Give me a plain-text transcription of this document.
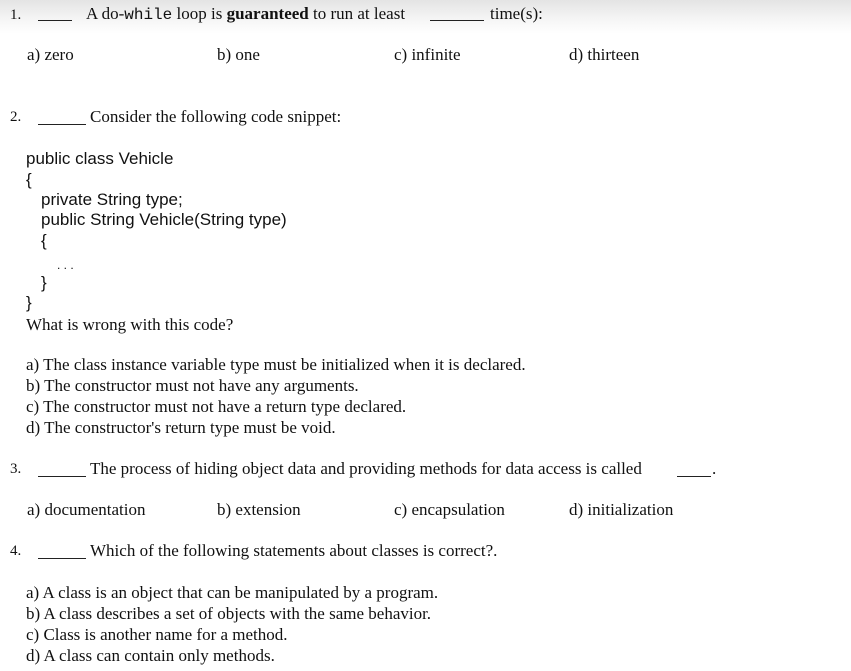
1.	A do-while loop is guaranteed to run at least	time(s):
a) zero	b) one	c) infinite	d) thirteen
2.	Consider the following code snippet:
public class Vehicle
{
private String type;
public String Vehicle(String type)
{
. . .
}
}
What is wrong with this code?
a) The class instance variable type must be initialized when it is declared.
b) The constructor must not have any arguments.
c) The constructor must not have a return type declared.
d) The constructor's return type must be void.
3.	The process of hiding object data and providing methods for data access is called	.
a) documentation	b) extension	c) encapsulation	d) initialization
4.	Which of the following statements about classes is correct?.
a) A class is an object that can be manipulated by a program.
b) A class describes a set of objects with the same behavior.
c) Class is another name for a method.
d) A class can contain only methods.
